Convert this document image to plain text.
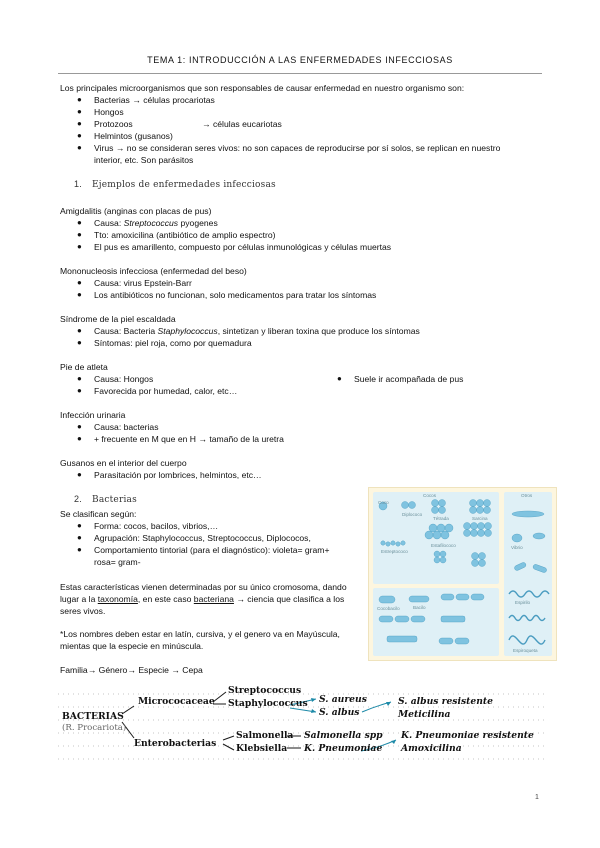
TEMA 1: INTRODUCCIÓN A LAS ENFERMEDADES INFECCIOSAS
Los principales microorganismos que son responsables de causar enfermedad en nuestro organismo son:
● Bacterias → células procariotas
● Hongos
● Protozoos	→ células eucariotas
● Helmintos (gusanos)
● Virus → no se consideran seres vivos: no son capaces de reproducirse por sí solos, se replican en nuestro
interior, etc. Son parásitos
1. Ejemplos de enfermedades infecciosas
Amigdalitis (anginas con placas de pus)
● Causa: Streptococcus pyogenes
● Tto: amoxicilina (antibiótico de amplio espectro)
● El pus es amarillento, compuesto por células inmunológicas y células muertas
Mononucleosis infecciosa (enfermedad del beso)
● Causa: virus Epstein-Barr
● Los antibióticos no funcionan, solo medicamentos para tratar los síntomas
Síndrome de la piel escaldada
● Causa: Bacteria Staphylococcus, sintetizan y liberan toxina que produce los síntomas
● Síntomas: piel roja, como por quemadura
Pie de atleta
● Causa: Hongos
● Favorecida por humedad, calor, etc…
● Suele ir acompañada de pus
Infección urinaria
● Causa: bacterias
● + frecuente en M que en H → tamaño de la uretra
Gusanos en el interior del cuerpo
● Parasitación por lombrices, helmintos, etc…
2. Bacterias
Se clasifican según:
● Forma: cocos, bacilos, vibrios,…
● Agrupación: Staphylococcus, Streptococcus, Diplococos,
● Comportamiento tintorial (para el diagnóstico): violeta= gram+
rosa= gram-
Estas características vienen determinadas por su único cromosoma, dando
lugar a la taxonomía, en este caso bacteriana → ciencia que clasifica a los
seres vivos.
*Los nombres deben estar en latín, cursiva, y el genero va en Mayúscula,
mientas que la especie en minúscula.
Familia→ Género→ Especie → Cepa
Cocos	Otros
Coco
Diplococo
Tétrada	Sarcina
Estafilococo
Estreptococo
Cocobacilo	Bacilo
Espirilo
Vibrio
Espiroqueta
BACTERIAS
(R. Procariota)
Micrococaceae
Enterobacterias
Streptococcus
Staphylococcus
Salmonella
Klebsiella
S. aureus
S. albus
Salmonella spp
K. Pneumoniae
S. albus resistente
Meticilina
K. Pneumoniae resistente
Amoxicilina
1
